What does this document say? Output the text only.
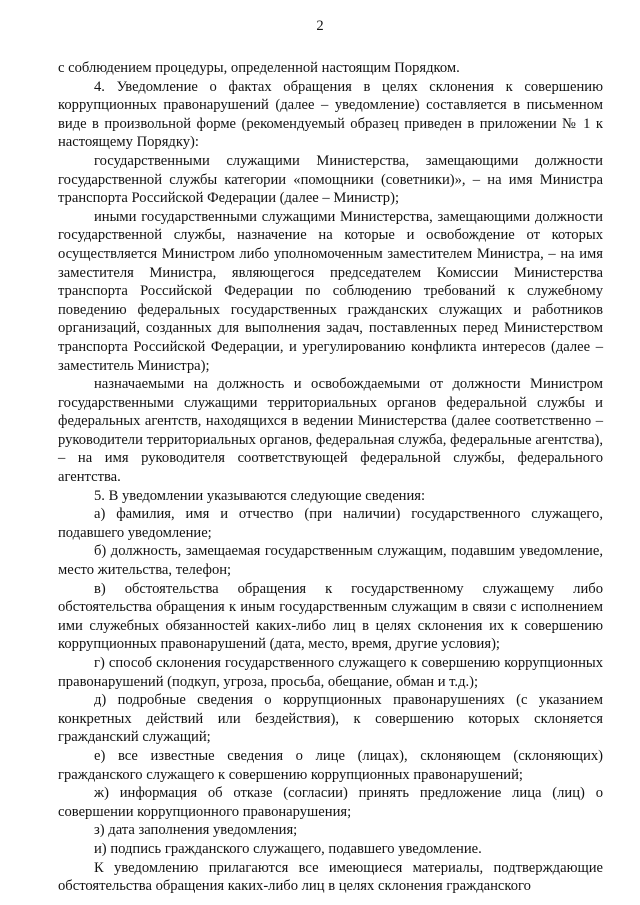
2

с соблюдением процедуры, определенной настоящим Порядком.

4. Уведомление о фактах обращения в целях склонения к совершению коррупционных правонарушений (далее – уведомление) составляется в письменном виде в произвольной форме (рекомендуемый образец приведен в приложении № 1 к настоящему Порядку):

государственными служащими Министерства, замещающими должности государственной службы категории «помощники (советники)», – на имя Министра транспорта Российской Федерации (далее – Министр);

иными государственными служащими Министерства, замещающими должности государственной службы, назначение на которые и освобождение от которых осуществляется Министром либо уполномоченным заместителем Министра, – на имя заместителя Министра, являющегося председателем Комиссии Министерства транспорта Российской Федерации по соблюдению требований к служебному поведению федеральных государственных гражданских служащих и работников организаций, созданных для выполнения задач, поставленных перед Министерством транспорта Российской Федерации, и урегулированию конфликта интересов (далее – заместитель Министра);

назначаемыми на должность и освобождаемыми от должности Министром государственными служащими территориальных органов федеральной службы и федеральных агентств, находящихся в ведении Министерства (далее соответственно – руководители территориальных органов, федеральная служба, федеральные агентства), – на имя руководителя соответствующей федеральной службы, федерального агентства.

5. В уведомлении указываются следующие сведения:

а) фамилия, имя и отчество (при наличии) государственного служащего, подавшего уведомление;

б) должность, замещаемая государственным служащим, подавшим уведомление, место жительства, телефон;

в) обстоятельства обращения к государственному служащему либо обстоятельства обращения к иным государственным служащим в связи с исполнением ими служебных обязанностей каких-либо лиц в целях склонения их к совершению коррупционных правонарушений (дата, место, время, другие условия);

г) способ склонения государственного служащего к совершению коррупционных правонарушений (подкуп, угроза, просьба, обещание, обман и т.д.);

д) подробные сведения о коррупционных правонарушениях (с указанием конкретных действий или бездействия), к совершению которых склоняется гражданский служащий;

е) все известные сведения о лице (лицах), склоняющем (склоняющих) гражданского служащего к совершению коррупционных правонарушений;

ж) информация об отказе (согласии) принять предложение лица (лиц) о совершении коррупционного правонарушения;

з) дата заполнения уведомления;

и) подпись гражданского служащего, подавшего уведомление.

К уведомлению прилагаются все имеющиеся материалы, подтверждающие обстоятельства обращения каких-либо лиц в целях склонения гражданского
